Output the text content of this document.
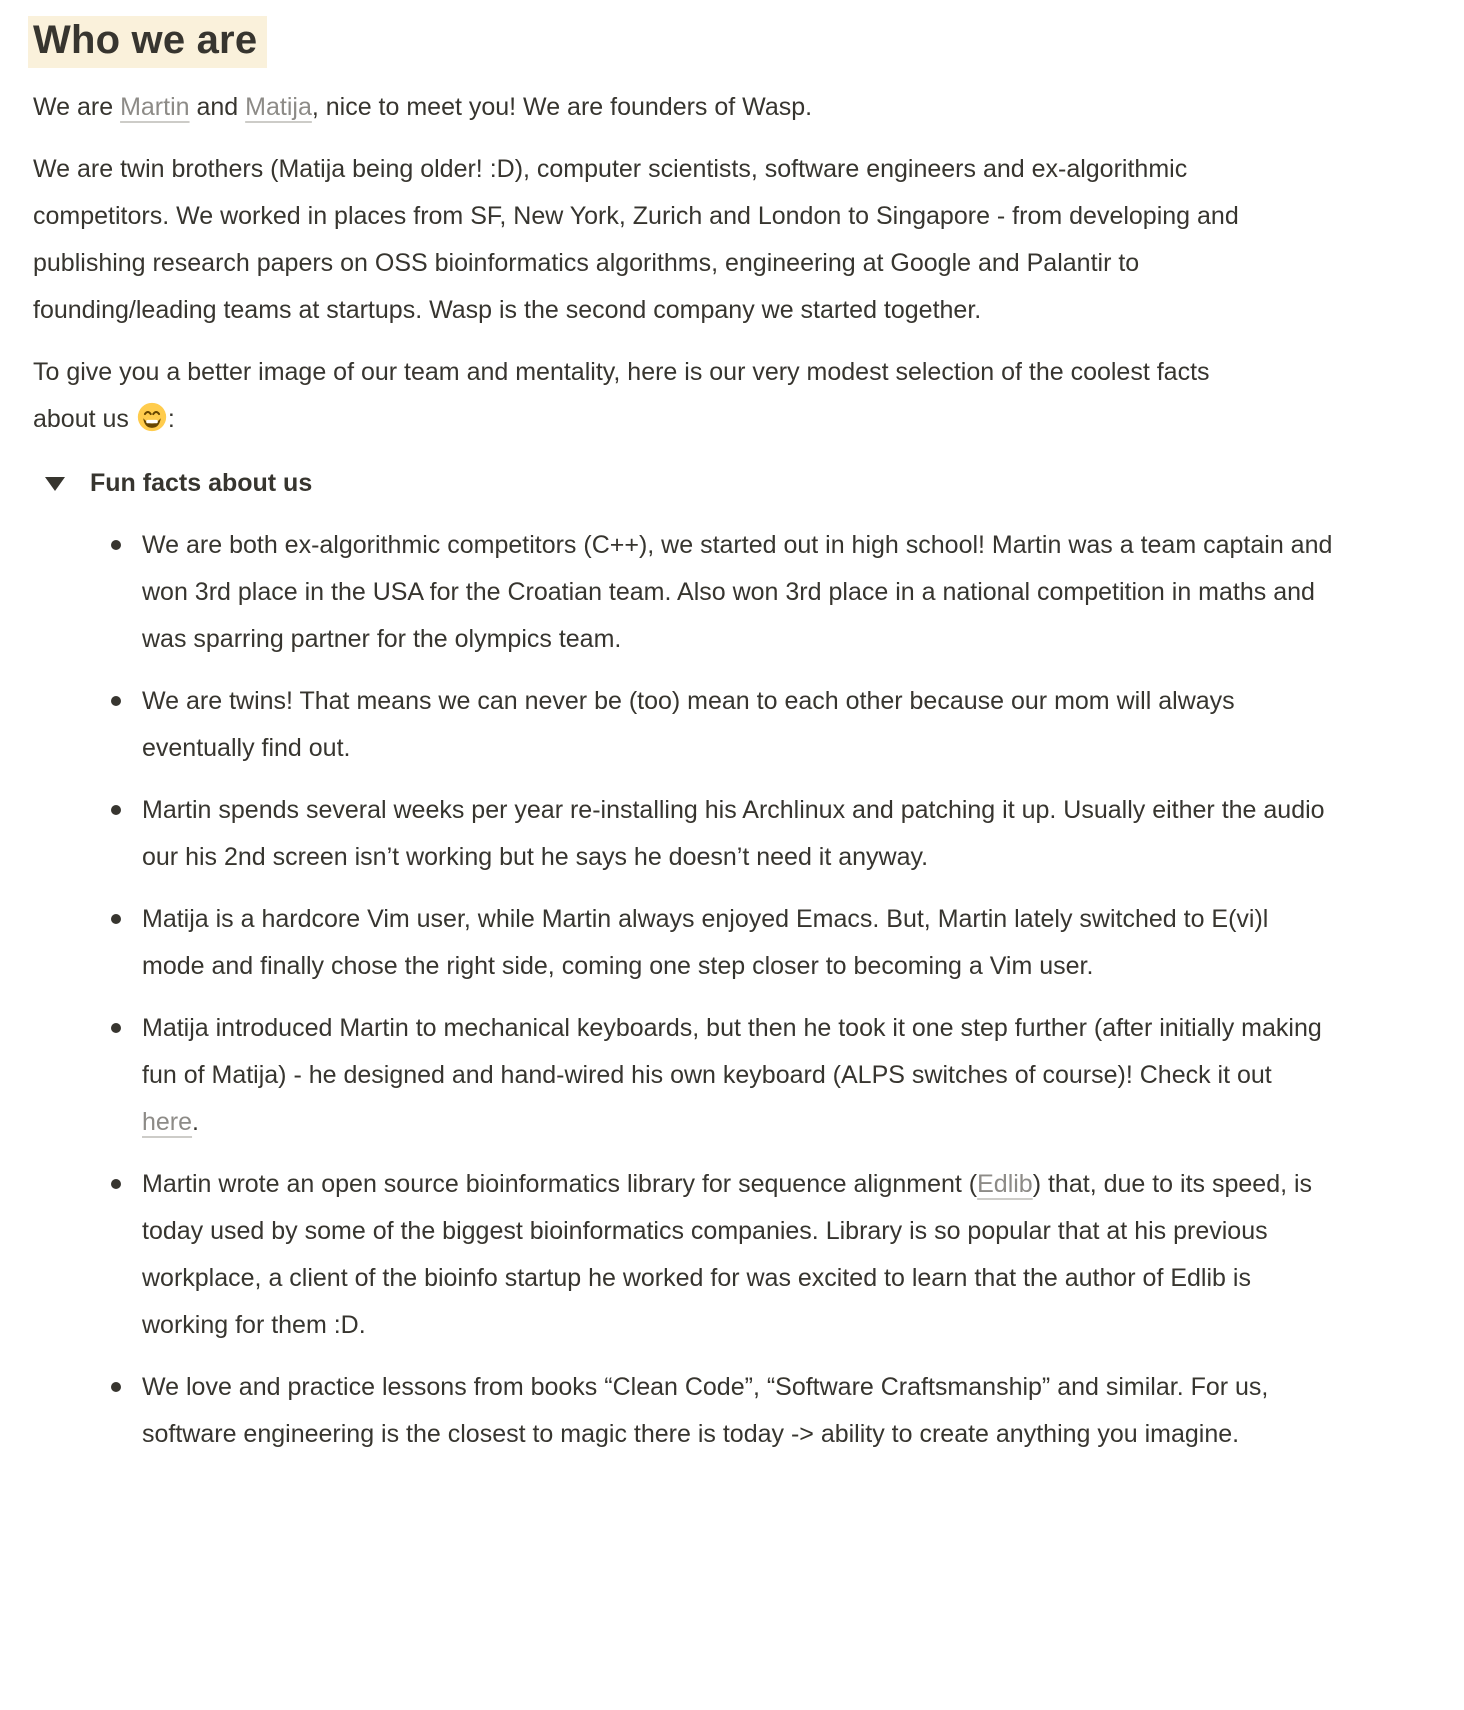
Who we are

We are Martin and Matija, nice to meet you! We are founders of Wasp.

We are twin brothers (Matija being older! :D), computer scientists, software engineers and ex-algorithmic competitors. We worked in places from SF, New York, Zurich and London to Singapore - from developing and publishing research papers on OSS bioinformatics algorithms, engineering at Google and Palantir to founding/leading teams at startups. Wasp is the second company we started together.

To give you a better image of our team and mentality, here is our very modest selection of the coolest facts about us
:

Fun facts about us
We are both ex-algorithmic competitors (C++), we started out in high school! Martin was a team captain and won 3rd place in the USA for the Croatian team. Also won 3rd place in a national competition in maths and was sparring partner for the olympics team.
We are twins! That means we can never be (too) mean to each other because our mom will always eventually find out.
Martin spends several weeks per year re-installing his Archlinux and patching it up. Usually either the audio our his 2nd screen isn’t working but he says he doesn’t need it anyway.
Matija is a hardcore Vim user, while Martin always enjoyed Emacs. But, Martin lately switched to E(vi)l mode and finally chose the right side, coming one step closer to becoming a Vim user.
Matija introduced Martin to mechanical keyboards, but then he took it one step further (after initially making fun of Matija) - he designed and hand-wired his own keyboard (ALPS switches of course)! Check it out here.
Martin wrote an open source bioinformatics library for sequence alignment (Edlib) that, due to its speed, is today used by some of the biggest bioinformatics companies. Library is so popular that at his previous workplace, a client of the bioinfo startup he worked for was excited to learn that the author of Edlib is working for them :D.
We love and practice lessons from books “Clean Code”, “Software Craftsmanship” and similar. For us, software engineering is the closest to magic there is today -> ability to create anything you imagine.
